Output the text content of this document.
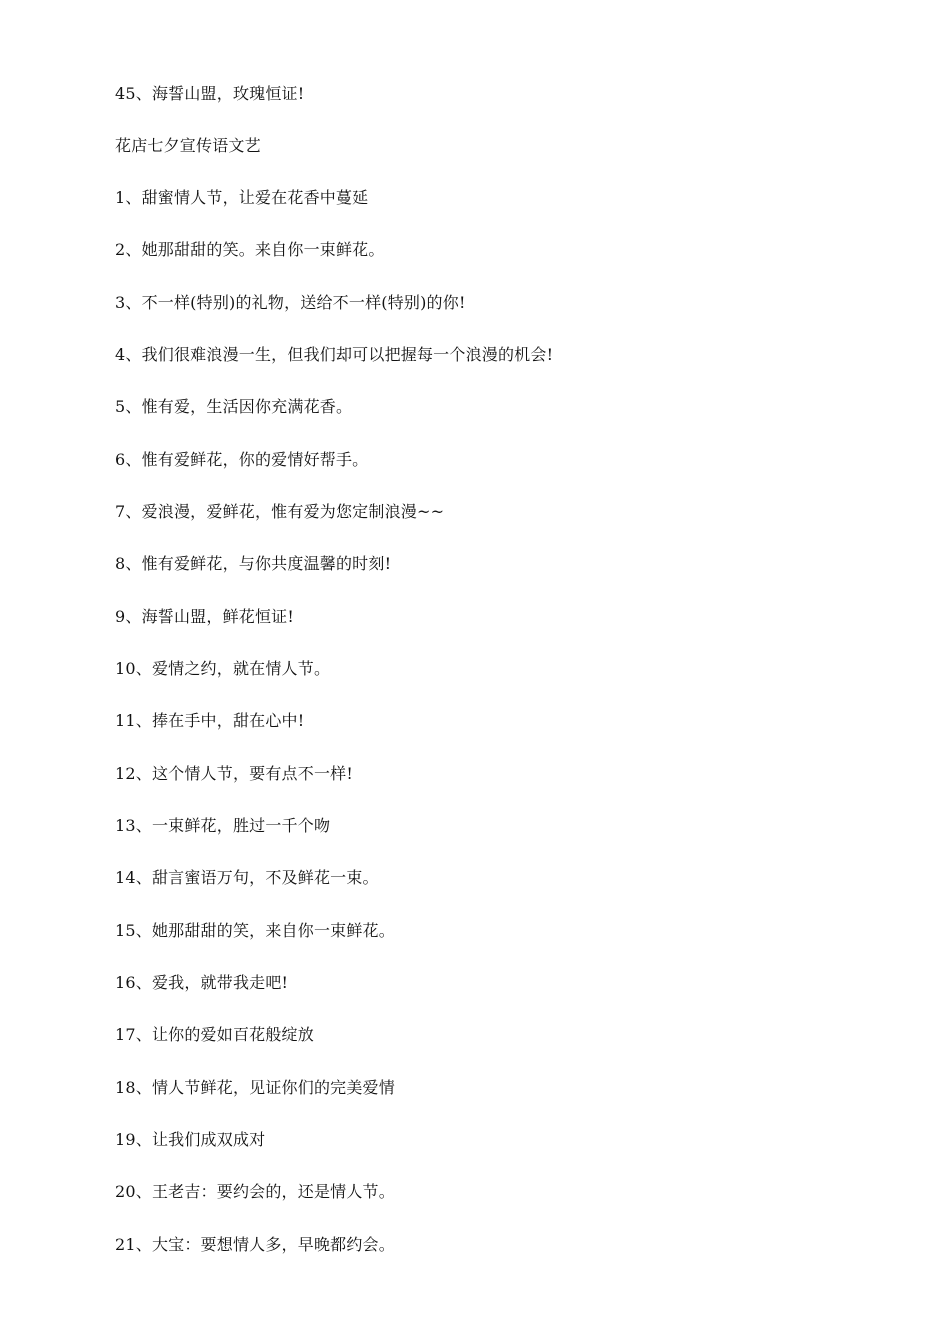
45、海誓山盟，玫瑰恒证!
花店七夕宣传语文艺
1、甜蜜情人节，让爱在花香中蔓延
2、她那甜甜的笑。来自你一束鲜花。
3、不一样(特别)的礼物，送给不一样(特别)的你!
4、我们很难浪漫一生，但我们却可以把握每一个浪漫的机会!
5、惟有爱，生活因你充满花香。
6、惟有爱鲜花，你的爱情好帮手。
7、爱浪漫，爱鲜花，惟有爱为您定制浪漫~~
8、惟有爱鲜花，与你共度温馨的时刻!
9、海誓山盟，鲜花恒证!
10、爱情之约，就在情人节。
11、捧在手中，甜在心中!
12、这个情人节，要有点不一样!
13、一束鲜花，胜过一千个吻
14、甜言蜜语万句，不及鲜花一束。
15、她那甜甜的笑，来自你一束鲜花。
16、爱我，就带我走吧!
17、让你的爱如百花般绽放
18、情人节鲜花，见证你们的完美爱情
19、让我们成双成对
20、王老吉：要约会的，还是情人节。
21、大宝：要想情人多，早晚都约会。
